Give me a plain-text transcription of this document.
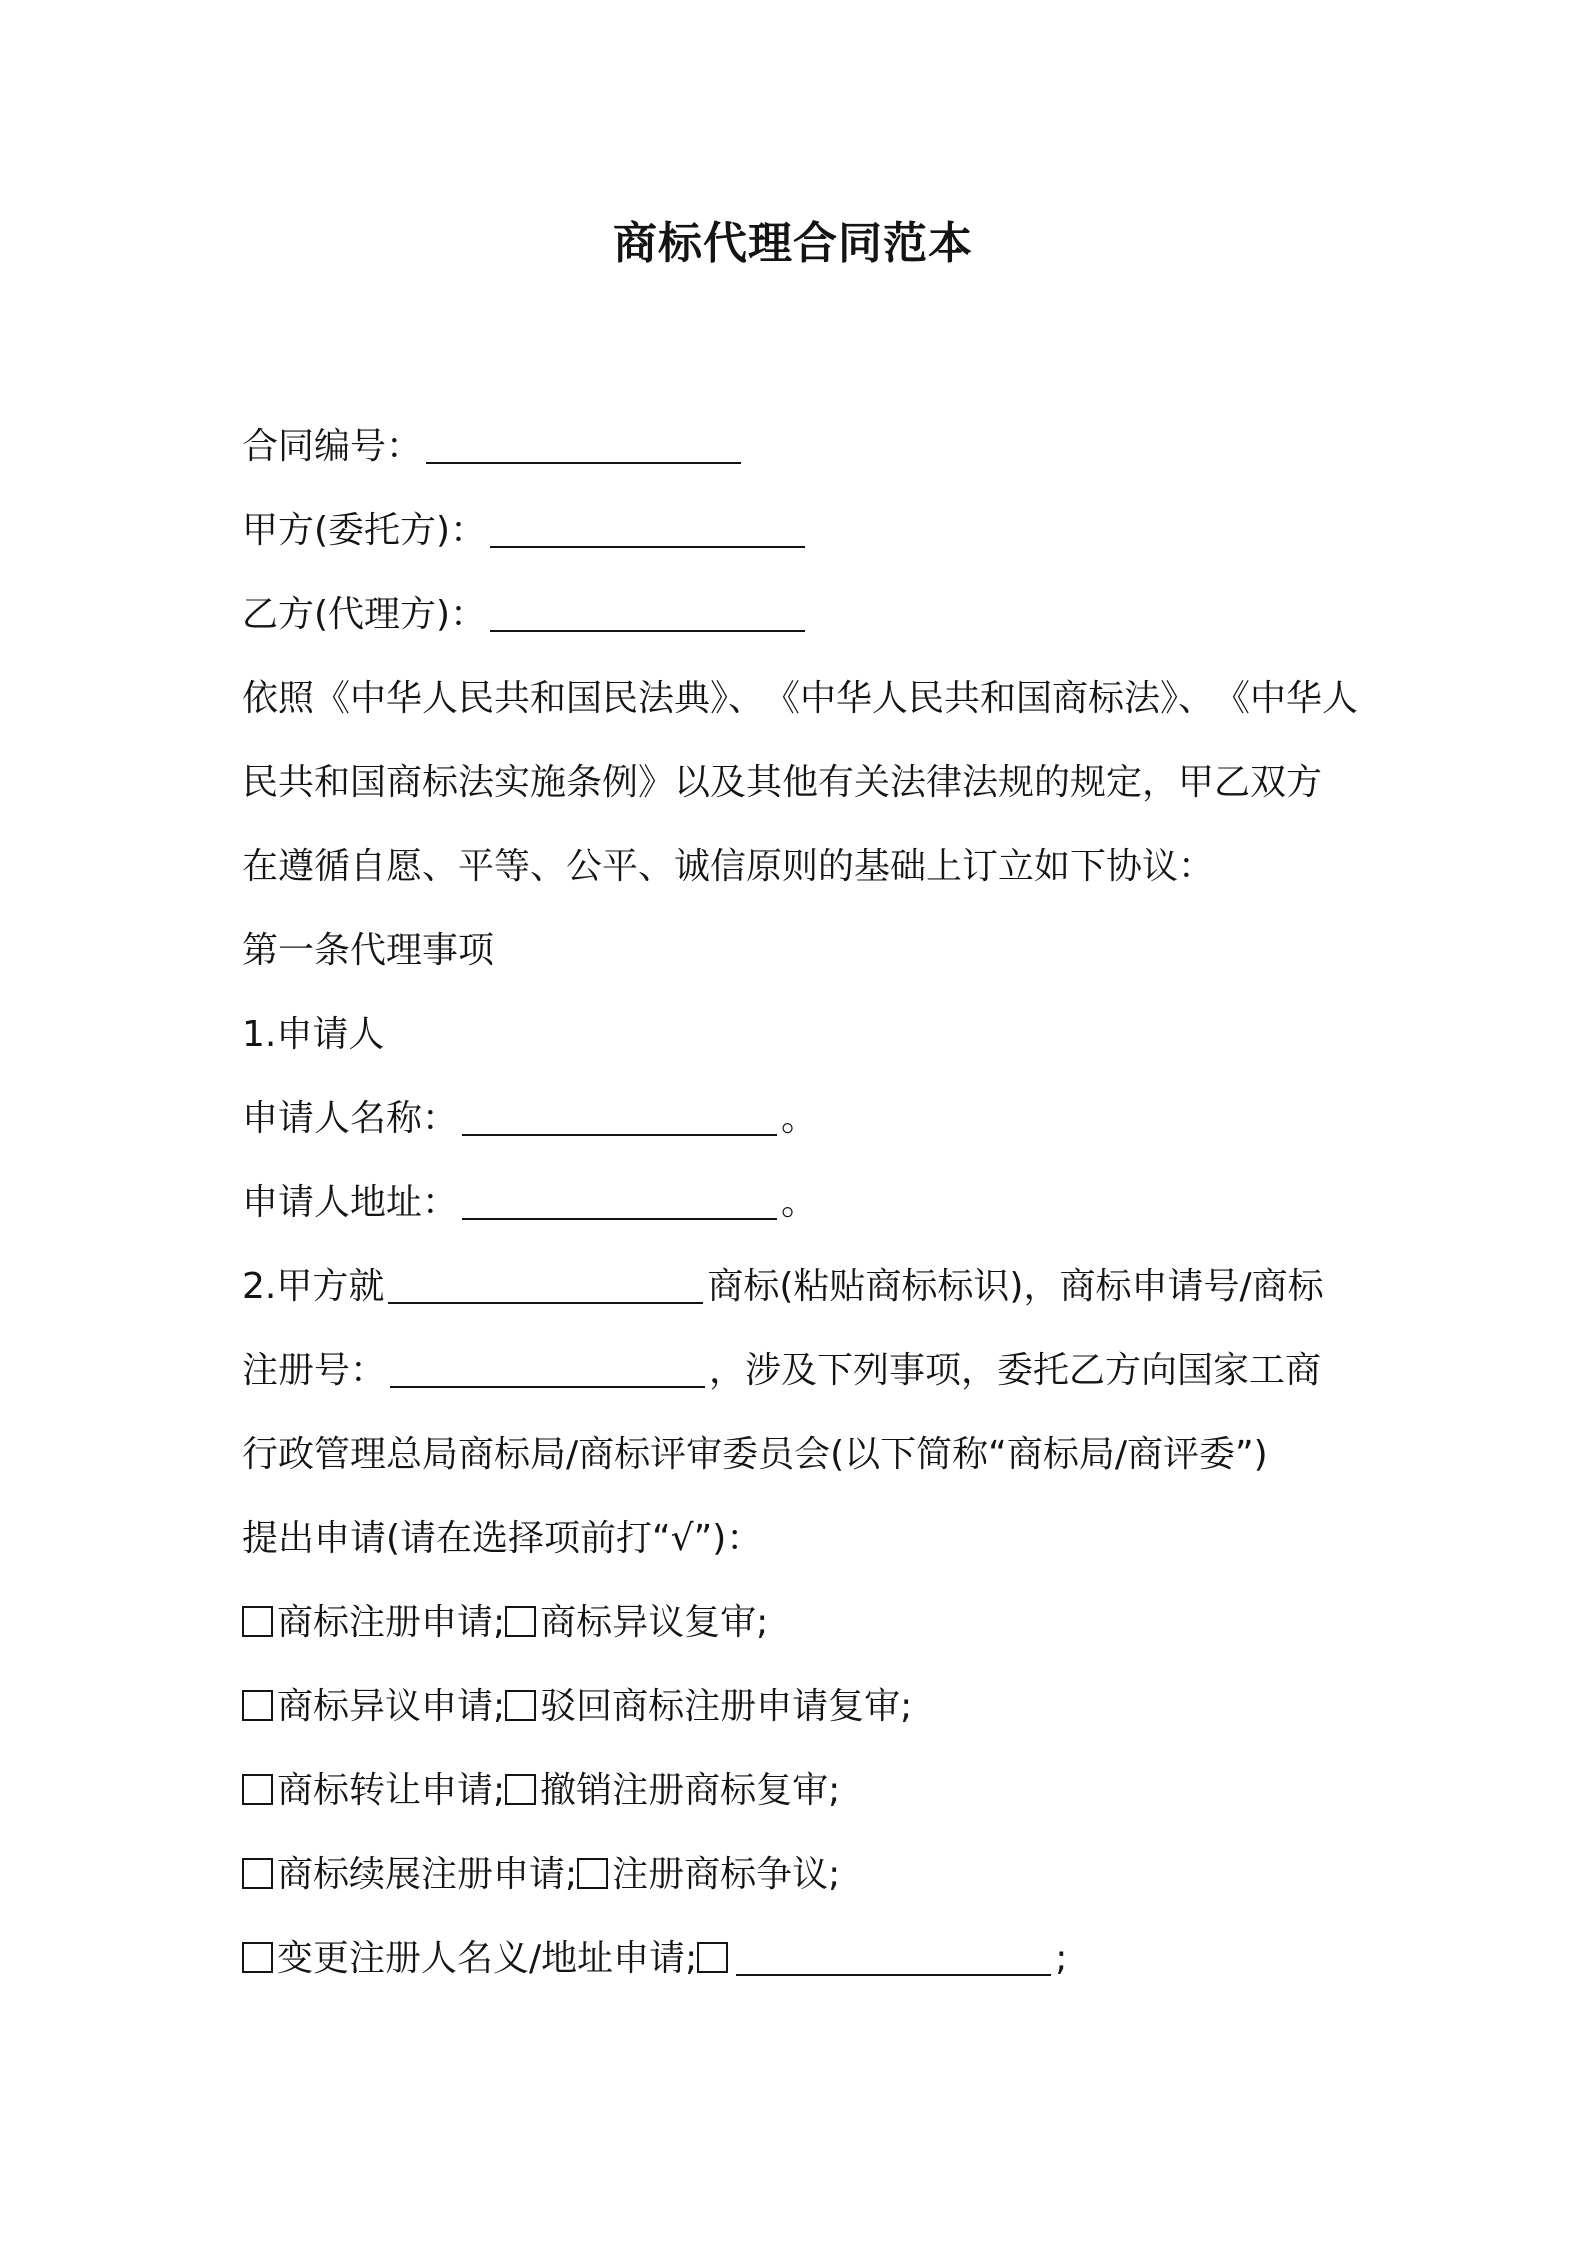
商标代理合同范本
合同编号：
甲方(委托方)：
乙方(代理方)：
依照《中华人民共和国民法典》、 《中华人民共和国商标法》、 《中华人
民共和国商标法实施条例》以及其他有关法律法规的规定，甲乙双方
在遵循自愿、平等、公平、诚信原则的基础上订立如下协议：
第一条代理事项
1.申请人
申请人名称：	。
申请人地址：	。
2.甲方就	商标(粘贴商标标识)，商标申请号/商标
注册号：	，涉及下列事项，委托乙方向国家工商
行政管理总局商标局/商标评审委员会(以下简称“商标局/商评委”)
提出申请(请在选择项前打“√”)：
商标注册申请; 商标异议复审;
商标异议申请; 驳回商标注册申请复审;
商标转让申请; 撤销注册商标复审;
商标续展注册申请; 注册商标争议;
变更注册人名义/地址申请;	;
